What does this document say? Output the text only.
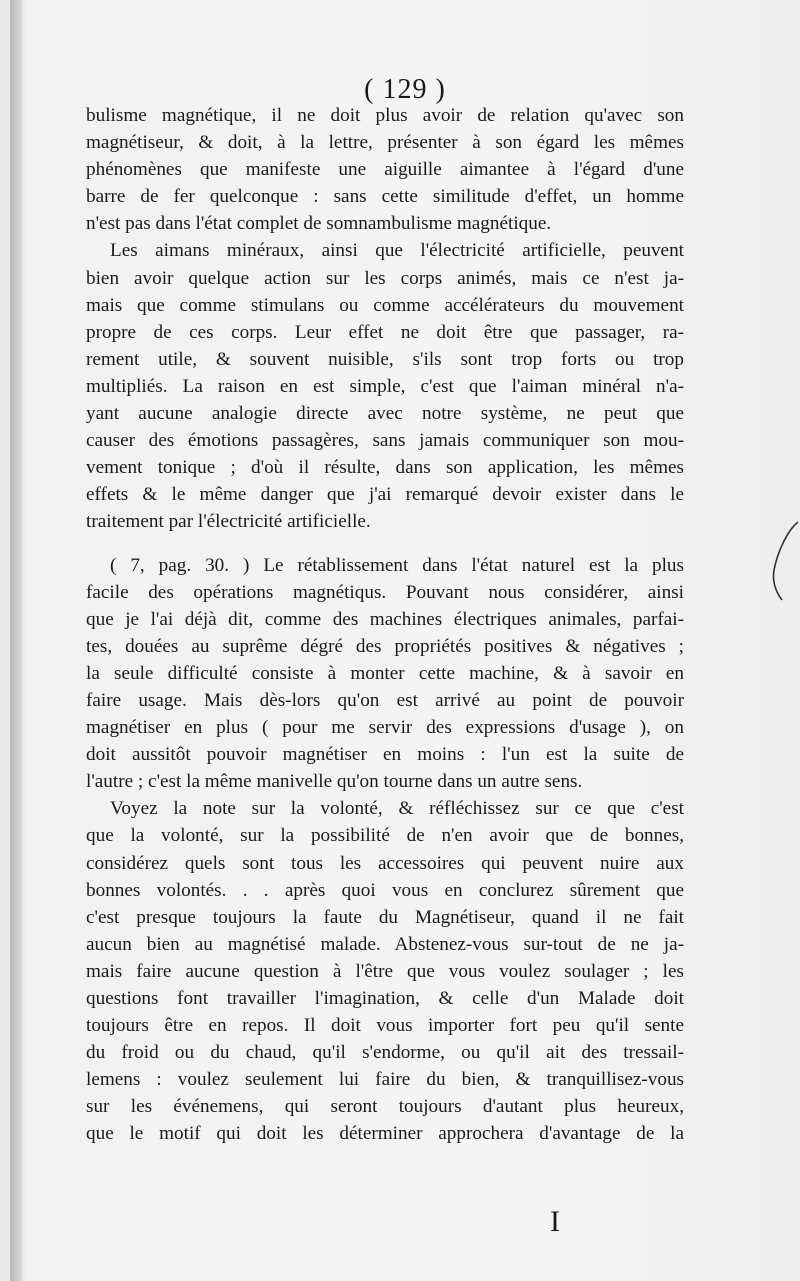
( 129 )

bulisme magnétique, il ne doit plus avoir de relation qu'avec son
magnétiseur, & doit, à la lettre, présenter à son égard les mêmes
phénomènes que manifeste une aiguille aimantee à l'égard d'une
barre de fer quelconque : sans cette similitude d'effet, un homme
n'est pas dans l'état complet de somnambulisme magnétique.

Les aimans minéraux, ainsi que l'électricité artificielle, peuvent
bien avoir quelque action sur les corps animés, mais ce n'est ja-
mais que comme stimulans ou comme accélérateurs du mouvement
propre de ces corps. Leur effet ne doit être que passager, ra-
rement utile, & souvent nuisible, s'ils sont trop forts ou trop
multipliés. La raison en est simple, c'est que l'aiman minéral n'a-
yant aucune analogie directe avec notre système, ne peut que
causer des émotions passagères, sans jamais communiquer son mou-
vement tonique ; d'où il résulte, dans son application, les mêmes
effets & le même danger que j'ai remarqué devoir exister dans le
traitement par l'électricité artificielle.

( 7, pag. 30. ) Le rétablissement dans l'état naturel est la plus
facile des opérations magnétiqus. Pouvant nous considérer, ainsi
que je l'ai déjà dit, comme des machines électriques animales, parfai-
tes, douées au suprême dégré des propriétés positives & négatives ;
la seule difficulté consiste à monter cette machine, & à savoir en
faire usage. Mais dès-lors qu'on est arrivé au point de pouvoir
magnétiser en plus ( pour me servir des expressions d'usage ), on
doit aussitôt pouvoir magnétiser en moins : l'un est la suite de
l'autre ; c'est la même manivelle qu'on tourne dans un autre sens.

Voyez la note sur la volonté, & réfléchissez sur ce que c'est
que la volonté, sur la possibilité de n'en avoir que de bonnes,
considérez quels sont tous les accessoires qui peuvent nuire aux
bonnes volontés. . . après quoi vous en conclurez sûrement que
c'est presque toujours la faute du Magnétiseur, quand il ne fait
aucun bien au magnétisé malade. Abstenez-vous sur-tout de ne ja-
mais faire aucune question à l'être que vous voulez soulager ; les
questions font travailler l'imagination, & celle d'un Malade doit
toujours être en repos. Il doit vous importer fort peu qu'il sente
du froid ou du chaud, qu'il s'endorme, ou qu'il ait des tressail-
lemens : voulez seulement lui faire du bien, & tranquillisez-vous
sur les événemens, qui seront toujours d'autant plus heureux,
que le motif qui doit les déterminer approchera d'avantage de la

I
